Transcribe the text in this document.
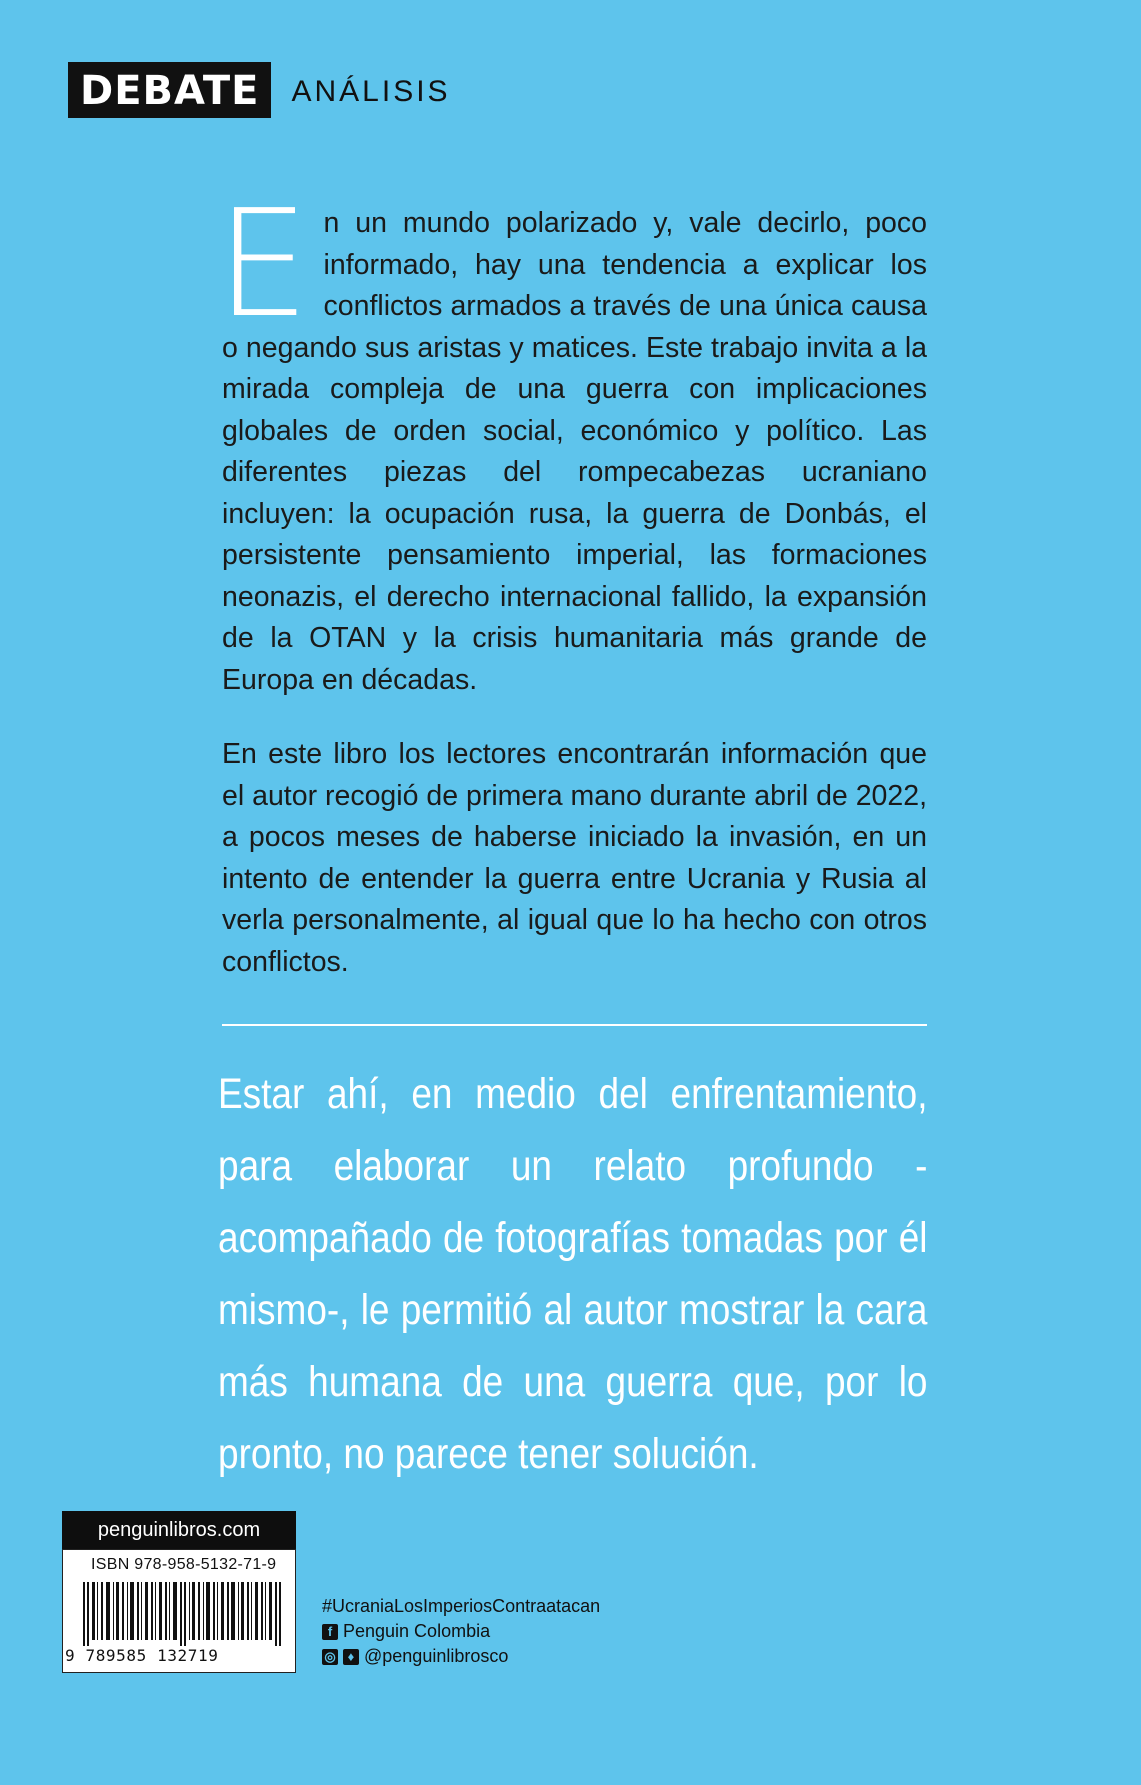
DEBATE	ANÁLISIS

En un mundo polarizado y, vale decirlo, poco informado, hay una tendencia a explicar los conflictos armados a través de una única causa o negando sus aristas y matices. Este trabajo invita a la mirada compleja de una guerra con implicaciones globales de orden social, económico y político. Las diferentes piezas del rompecabezas ucraniano incluyen: la ocupación rusa, la guerra de Donbás, el persistente pensamiento imperial, las formaciones neonazis, el derecho internacional fallido, la expansión de la OTAN y la crisis humanitaria más grande de Europa en décadas.

En este libro los lectores encontrarán información que el autor recogió de primera mano durante abril de 2022, a pocos meses de haberse iniciado la invasión, en un intento de entender la guerra entre Ucrania y Rusia al verla personalmente, al igual que lo ha hecho con otros conflictos.

Estar ahí, en medio del enfrentamiento, para elaborar un relato profundo -acompañado de fotografías tomadas por él mismo-, le permitió al autor mostrar la cara más humana de una guerra que, por lo pronto, no parece tener solución.

penguinlibros.com
ISBN 978-958-5132-71-9
9 789585 132719
#UcraniaLosImperiosContraatacan
f Penguin Colombia
◎ ♦ @penguinlibrosco
